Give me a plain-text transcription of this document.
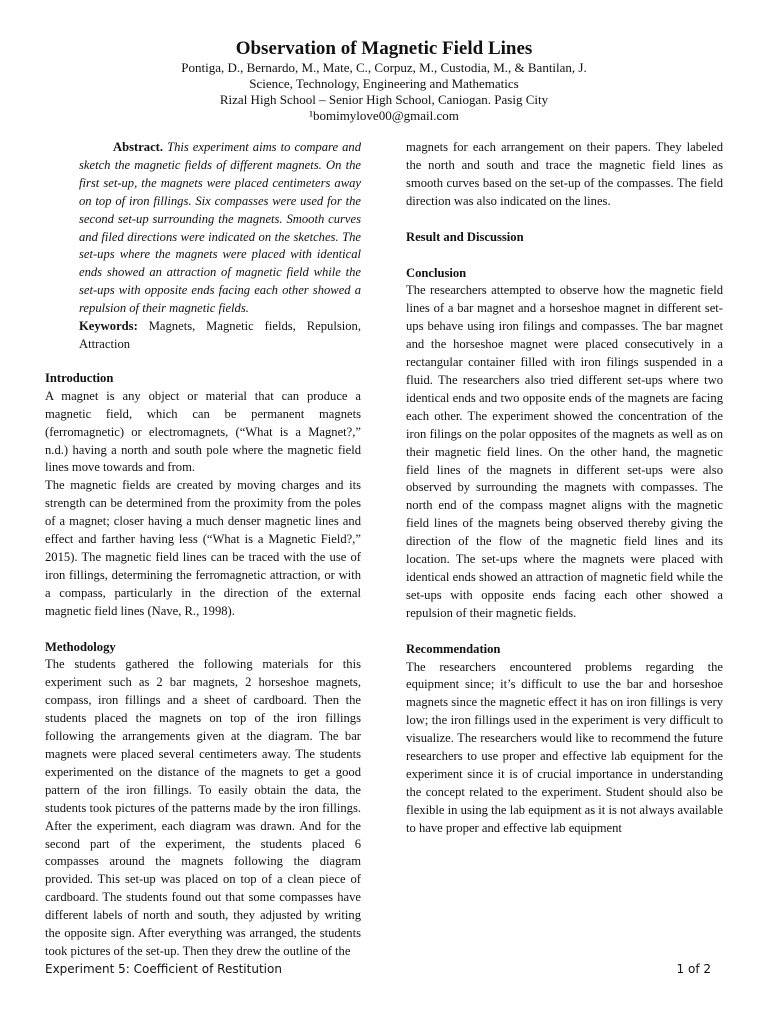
Observation of Magnetic Field Lines

Pontiga, D., Bernardo, M., Mate, C., Corpuz, M., Custodia, M., & Bantilan, J.

Science, Technology, Engineering and Mathematics

Rizal High School – Senior High School, Caniogan. Pasig City

¹bomimylove00@gmail.com

Abstract. This experiment aims to compare and sketch the magnetic fields of different magnets. On the first set-up, the magnets were placed centimeters away on top of iron fillings. Six compasses were used for the second set-up surrounding the magnets. Smooth curves and filed directions were indicated on the sketches. The set-ups where the magnets were placed with identical ends showed an attraction of magnetic field while the set-ups with opposite ends facing each other showed a repulsion of their magnetic fields.

Keywords: Magnets, Magnetic fields, Repulsion, Attraction

Introduction

A magnet is any object or material that can produce a magnetic field, which can be permanent magnets (ferromagnetic) or electromagnets, (“What is a Magnet?,” n.d.) having a north and south pole where the magnetic field lines move towards and from.

The magnetic fields are created by moving charges and its strength can be determined from the proximity from the poles of a magnet; closer having a much denser magnetic lines and effect and farther having less (“What is a Magnetic Field?,” 2015). The magnetic field lines can be traced with the use of iron fillings, determining the ferromagnetic attraction, or with a compass, particularly in the direction of the external magnetic field lines (Nave, R., 1998).

Methodology

The students gathered the following materials for this experiment such as 2 bar magnets, 2 horseshoe magnets, compass, iron fillings and a sheet of cardboard. Then the students placed the magnets on top of the iron fillings following the arrangements given at the diagram. The bar magnets were placed several centimeters away. The students experimented on the distance of the magnets to get a good pattern of the iron fillings. To easily obtain the data, the students took pictures of the patterns made by the iron fillings. After the experiment, each diagram was drawn. And for the second part of the experiment, the students placed 6 compasses around the magnets following the diagram provided. This set-up was placed on top of a clean piece of cardboard. The students found out that some compasses have different labels of north and south, they adjusted by writing the opposite sign. After everything was arranged, the students took pictures of the set-up. Then they drew the outline of the

magnets for each arrangement on their papers. They labeled the north and south and trace the magnetic field lines as smooth curves based on the set-up of the compasses. The field direction was also indicated on the lines.

Result and Discussion

Conclusion

The researchers attempted to observe how the magnetic field lines of a bar magnet and a horseshoe magnet in different set-ups behave using iron filings and compasses. The bar magnet and the horseshoe magnet were placed consecutively in a rectangular container filled with iron filings suspended in a fluid. The researchers also tried different set-ups where two identical ends and two opposite ends of the magnets are facing each other. The experiment showed the concentration of the iron filings on the polar opposites of the magnets as well as on their magnetic field lines. On the other hand, the magnetic field lines of the magnets in different set-ups were also observed by surrounding the magnets with compasses. The north end of the compass magnet aligns with the magnetic field lines of the magnets being observed thereby giving the direction of the flow of the magnetic field lines and its location. The set-ups where the magnets were placed with identical ends showed an attraction of magnetic field while the set-ups with opposite ends facing each other showed a repulsion of their magnetic fields.

Recommendation

The researchers encountered problems regarding the equipment since; it’s difficult to use the bar and horseshoe magnets since the magnetic effect it has on iron fillings is very low; the iron fillings used in the experiment is very difficult to visualize. The researchers would like to recommend the future researchers to use proper and effective lab equipment for the experiment since it is of crucial importance in understanding the concept related to the experiment. Student should also be flexible in using the lab equipment as it is not always available to have proper and effective lab equipment

Experiment 5: Coefficient of Restitution	1 of 2
